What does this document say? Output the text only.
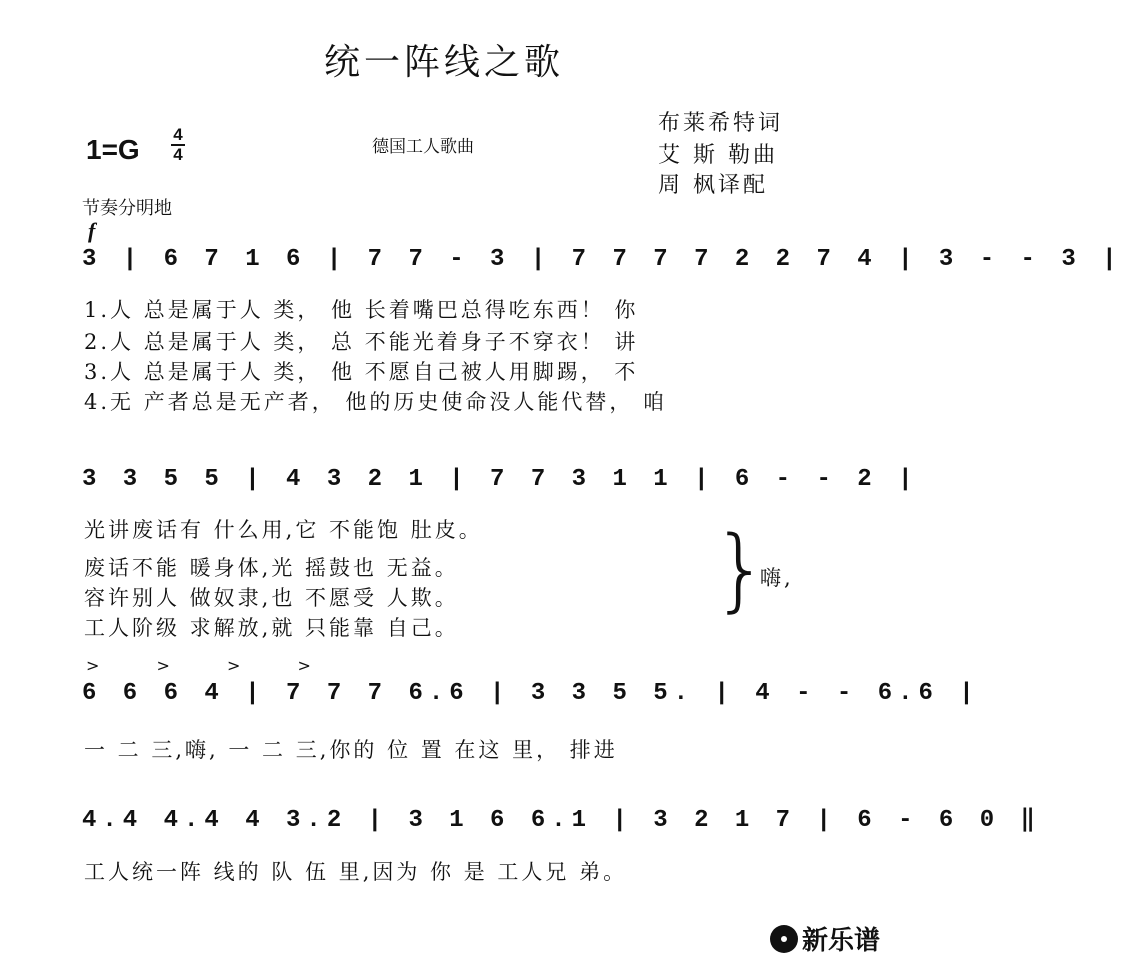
统一阵线之歌
1=G 4
4	德国工人歌曲
布莱希特词
艾 斯 勒曲
周 枫译配
节奏分明地
f
3 | 6 7 1 6 | 7 7 - 3 | 7 7 7 7 2 2 7 4 | 3 - - 3 |
1.人 总是属于人 类， 他 长着嘴巴总得吃东西！ 你
2.人 总是属于人 类， 总 不能光着身子不穿衣！ 讲
3.人 总是属于人 类， 他 不愿自己被人用脚踢， 不
4.无 产者总是无产者， 他的历史使命没人能代替， 咱
3 3 5 5 | 4 3 2 1 | 7 7 3 1 1 | 6 - - 2 |
光讲废话有 什么用,它 不能饱 肚皮。
废话不能 暖身体,光 摇鼓也 无益。
容许别人 做奴隶,也 不愿受 人欺。
工人阶级 求解放,就 只能靠 自己。
}
嗨,
> > > >
6 6 6 4 | 7 7 7 6.6 | 3 3 5 5. | 4 - - 6.6 |
一 二 三,嗨, 一 二 三,你的 位 置 在这 里， 排进
4.4 4.4 4 3.2 | 3 1 6 6.1 | 3 2 1 7 | 6 - 6 0 ‖
工人统一阵 线的 队 伍 里,因为 你 是 工人兄 弟。
新乐谱
